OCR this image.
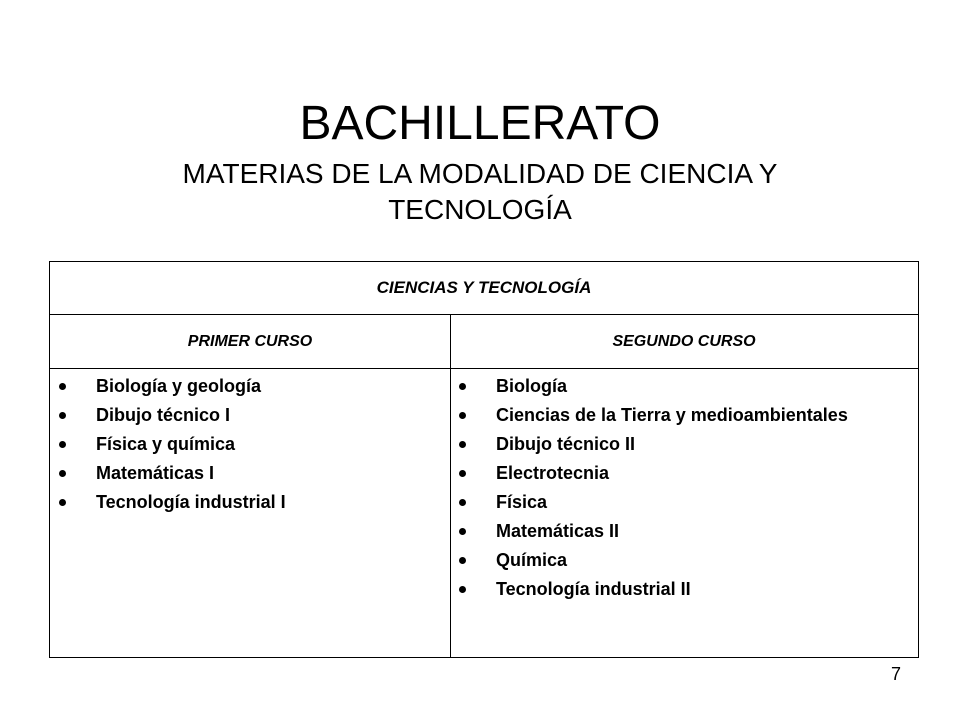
BACHILLERATO
MATERIAS DE LA MODALIDAD DE CIENCIA Y TECNOLOGÍA
CIENCIAS Y TECNOLOGÍA
PRIMER CURSO	SEGUNDO CURSO
Biología y geología
Dibujo técnico I
Física y química
Matemáticas I
Tecnología industrial I
Biología
Ciencias de la Tierra y medioambientales
Dibujo técnico II
Electrotecnia
Física
Matemáticas II
Química
Tecnología industrial II
7
